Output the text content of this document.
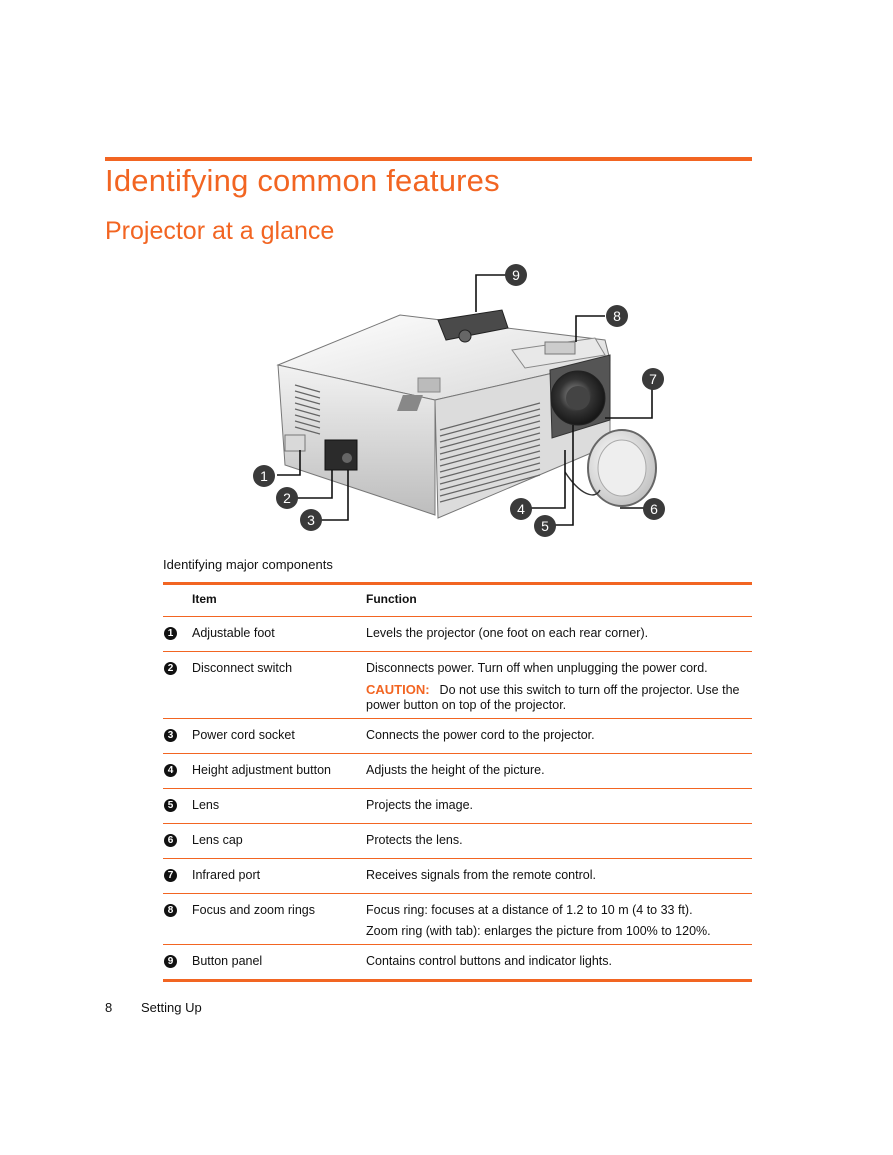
Identifying common features
Projector at a glance
9
8
7
1
2
3
4
5
6
Identifying major components
Item	Function
1 Adjustable foot	Levels the projector (one foot on each rear corner).

2 Disconnect switch	Disconnects power. Turn off when unplugging the power cord.

CAUTION: Do not use this switch to turn off the projector. Use the power button on top of the projector.

3 Power cord socket	Connects the power cord to the projector.

4 Height adjustment button	Adjusts the height of the picture.

5 Lens	Projects the image.

6 Lens cap	Protects the lens.

7 Infrared port	Receives signals from the remote control.

8 Focus and zoom rings	Focus ring: focuses at a distance of 1.2 to 10 m (4 to 33 ft).

Zoom ring (with tab): enlarges the picture from 100% to 120%.

9 Button panel	Contains control buttons and indicator lights.

8 Setting Up
